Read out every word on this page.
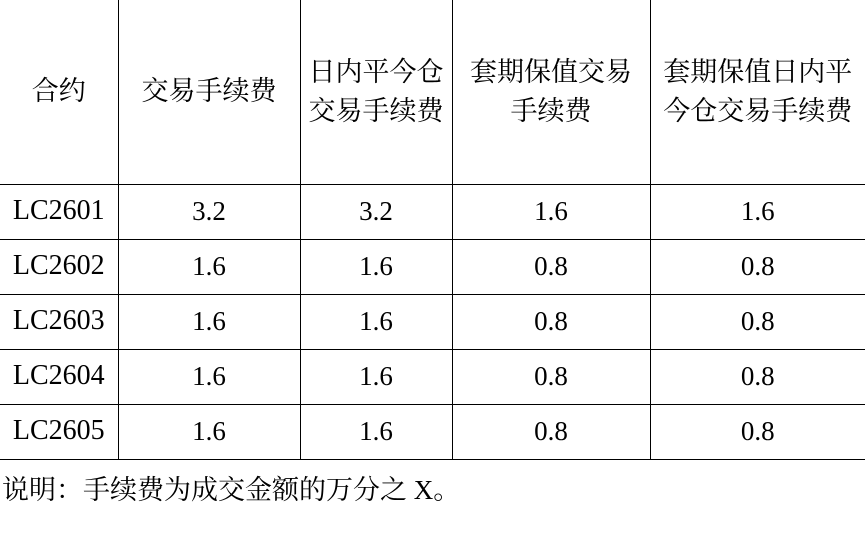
合约	交易手续费	日内平今仓交易手续费	套期保值交易手续费	套期保值日内平今仓交易手续费
LC2601	3.2	3.2	1.6	1.6
LC2602	1.6	1.6	0.8	0.8
LC2603	1.6	1.6	0.8	0.8
LC2604	1.6	1.6	0.8	0.8
LC2605	1.6	1.6	0.8	0.8
说明：手续费为成交金额的万分之 X。
